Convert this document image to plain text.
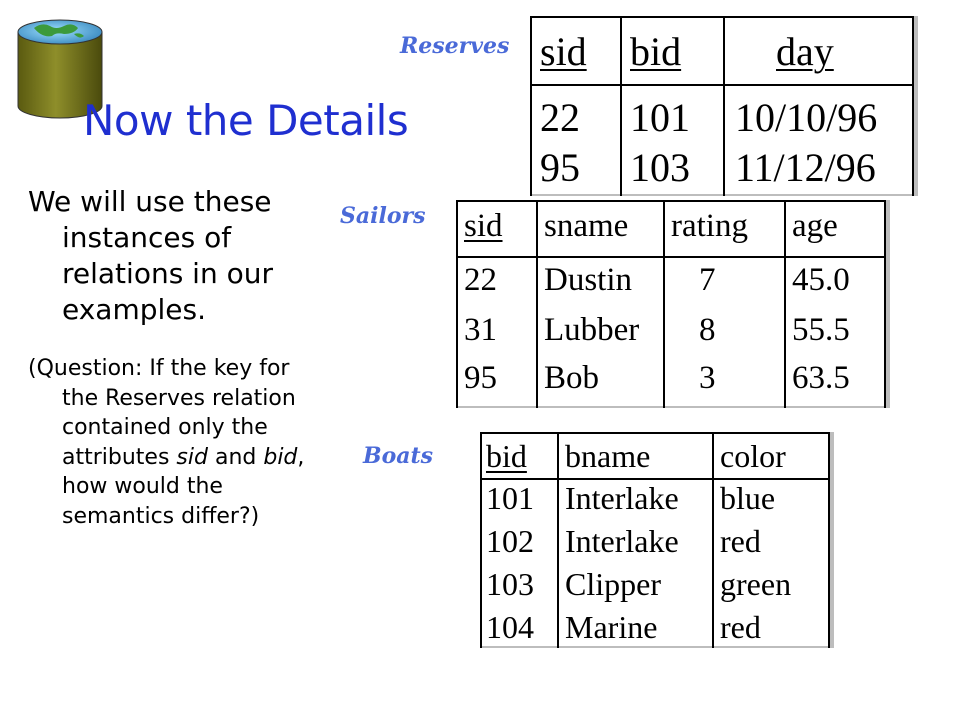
Now the Details

We will use these instances of relations in our examples.

(Question: If the key for the Reserves relation contained only the attributes sid and bid, how would the semantics differ?)

Reserves sid bid day
22 101 10/10/96
95 103 11/12/96
Sailors sid sname rating age
22 Dustin 7 45.0
31 Lubber 8 55.5
95 Bob	3 63.5
Boats bid bname color
101 Interlake blue
102 Interlake red
103 Clipper green
104 Marine red
